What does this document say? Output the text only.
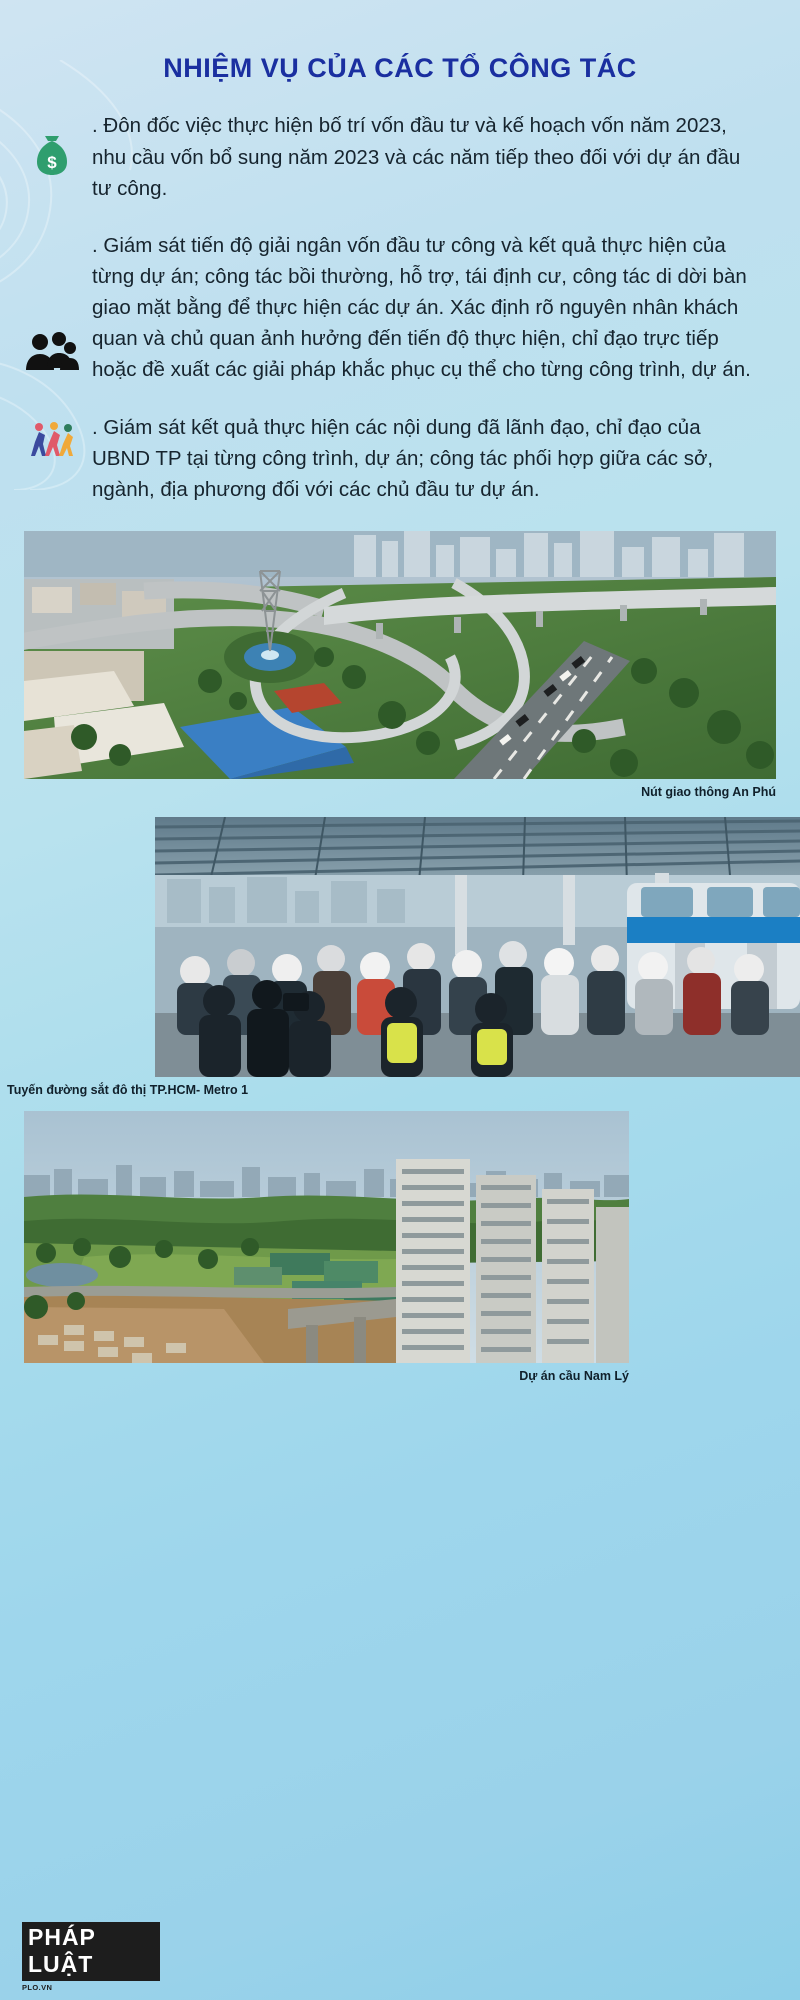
NHIỆM VỤ CỦA CÁC TỔ CÔNG TÁC
$

. Đôn đốc việc thực hiện bố trí vốn đầu tư và kế hoạch vốn năm 2023, nhu cầu vốn bổ sung năm 2023 và các năm tiếp theo đối với dự án đầu tư công.

. Giám sát tiến độ giải ngân vốn đầu tư công và kết quả thực hiện của từng dự án; công tác bồi thường, hỗ trợ, tái định cư, công tác di dời bàn giao mặt bằng để thực hiện các dự án. Xác định rõ nguyên nhân khách quan và chủ quan ảnh hưởng đến tiến độ thực hiện, chỉ đạo trực tiếp hoặc đề xuất các giải pháp khắc phục cụ thể cho từng công trình, dự án.

. Giám sát kết quả thực hiện các nội dung đã lãnh đạo, chỉ đạo của UBND TP tại từng công trình, dự án; công tác phối hợp giữa các sở, ngành, địa phương đối với các chủ đầu tư dự án.

Nút giao thông An Phú
Tuyến đường sắt đô thị TP.HCM- Metro 1
Dự án cầu Nam Lý
PHÁP LUẬT
PLO.VN
